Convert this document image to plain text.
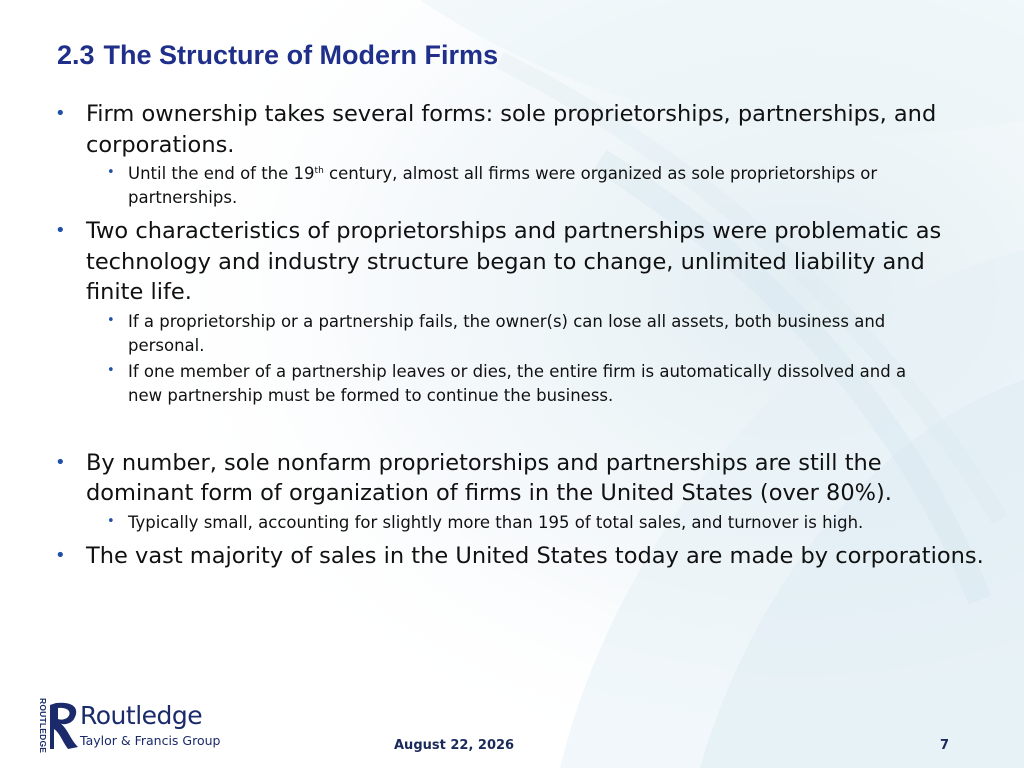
2.3 The Structure of Modern Firms
• Firm ownership takes several forms: sole proprietorships, partnerships, and corporations.
• Until the end of the 19th century, almost all firms were organized as sole proprietorships or partnerships.
• Two characteristics of proprietorships and partnerships were problematic as technology and industry structure began to change, unlimited liability and finite life.
• If a proprietorship or a partnership fails, the owner(s) can lose all assets, both business and personal.
• If one member of a partnership leaves or dies, the entire firm is automatically dissolved and a new partnership must be formed to continue the business.
• By number, sole nonfarm proprietorships and partnerships are still the dominant form of organization of firms in the United States (over 80%).
• Typically small, accounting for slightly more than 195 of total sales, and turnover is high.
• The vast majority of sales in the United States today are made by corporations.
ROUTLEDGE Routledge
Taylor & Francis Group	August 22, 2026	7
